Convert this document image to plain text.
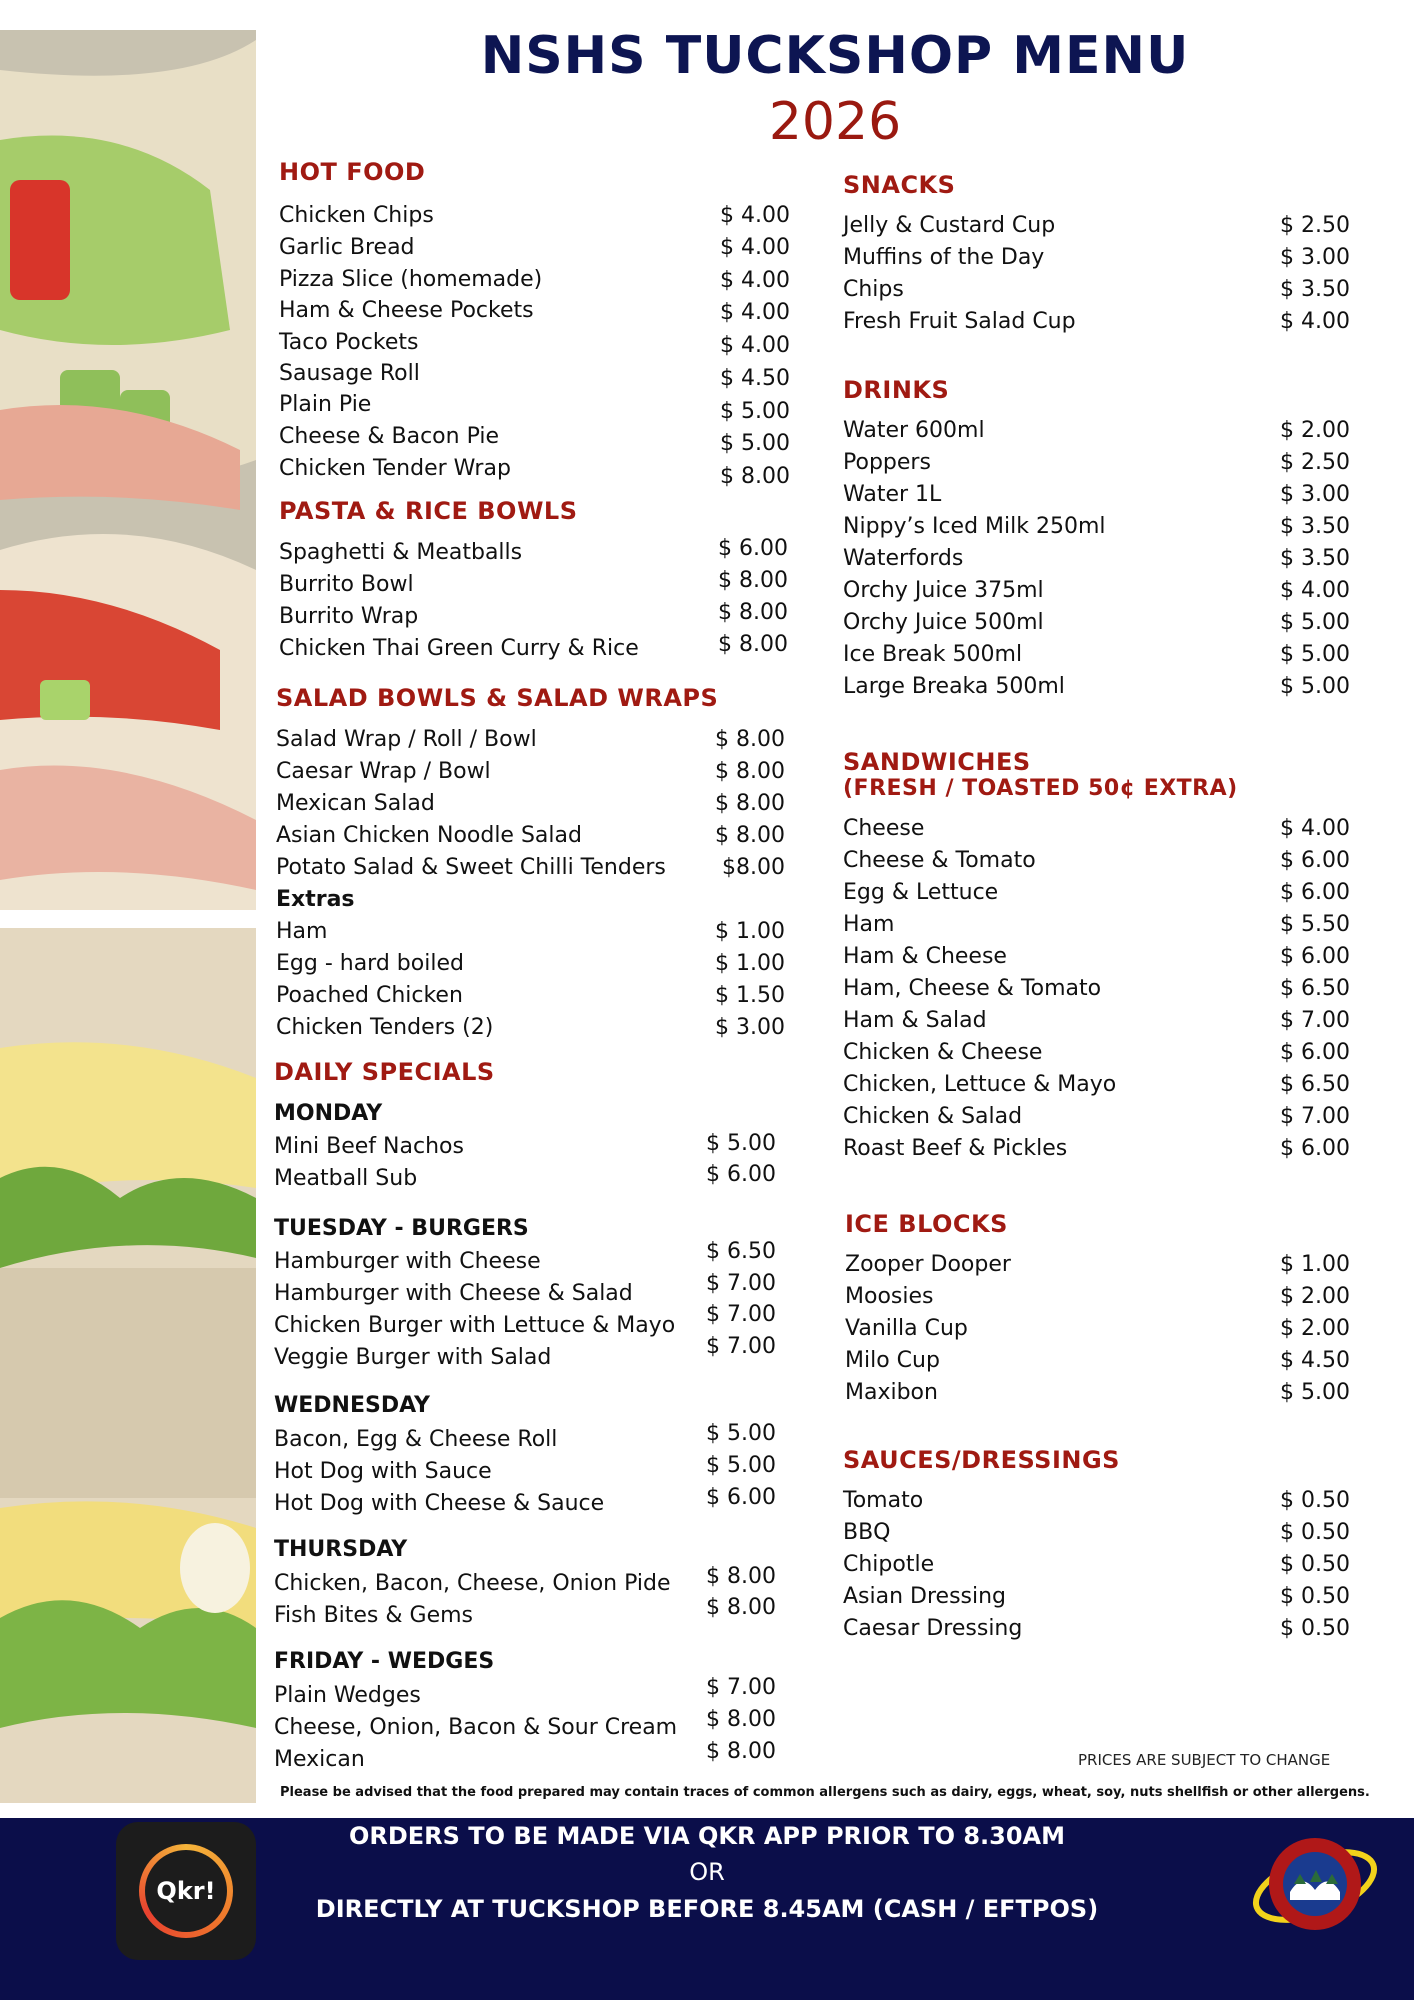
NSHS TUCKSHOP MENU
2026
HOT FOOD
Chicken Chips	$ 4.00
Garlic Bread	$ 4.00
Pizza Slice (homemade)	$ 4.00
Ham & Cheese Pockets	$ 4.00
Taco Pockets	$ 4.00
Sausage Roll	$ 4.50
Plain Pie	$ 5.00
Cheese & Bacon Pie	$ 5.00
Chicken Tender Wrap	$ 8.00
PASTA & RICE BOWLS
Spaghetti & Meatballs	$ 6.00
Burrito Bowl	$ 8.00
Burrito Wrap	$ 8.00
Chicken Thai Green Curry & Rice	$ 8.00
SALAD BOWLS & SALAD WRAPS
Salad Wrap / Roll / Bowl	$ 8.00
Caesar Wrap / Bowl	$ 8.00
Mexican Salad	$ 8.00
Asian Chicken Noodle Salad	$ 8.00
Potato Salad & Sweet Chilli Tenders	$8.00
Extras
Ham	$ 1.00
Egg - hard boiled	$ 1.00
Poached Chicken	$ 1.50
Chicken Tenders (2)	$ 3.00
DAILY SPECIALS
MONDAY
Mini Beef Nachos	$ 5.00
Meatball Sub	$ 6.00
TUESDAY - BURGERS
Hamburger with Cheese	$ 6.50
Hamburger with Cheese & Salad	$ 7.00
Chicken Burger with Lettuce & Mayo	$ 7.00
Veggie Burger with Salad	$ 7.00
WEDNESDAY
Bacon, Egg & Cheese Roll	$ 5.00
Hot Dog with Sauce	$ 5.00
Hot Dog with Cheese & Sauce	$ 6.00
THURSDAY
Chicken, Bacon, Cheese, Onion Pide	$ 8.00
Fish Bites & Gems	$ 8.00
FRIDAY - WEDGES
Plain Wedges	$ 7.00
Cheese, Onion, Bacon & Sour Cream	$ 8.00
Mexican	$ 8.00
SNACKS
Jelly & Custard Cup	$ 2.50
Muffins of the Day	$ 3.00
Chips	$ 3.50
Fresh Fruit Salad Cup	$ 4.00
DRINKS
Water 600ml	$ 2.00
Poppers	$ 2.50
Water 1L	$ 3.00
Nippy’s Iced Milk 250ml	$ 3.50
Waterfords	$ 3.50
Orchy Juice 375ml	$ 4.00
Orchy Juice 500ml	$ 5.00
Ice Break 500ml	$ 5.00
Large Breaka 500ml	$ 5.00
SANDWICHES
(FRESH / TOASTED 50¢ EXTRA)
Cheese	$ 4.00
Cheese & Tomato	$ 6.00
Egg & Lettuce	$ 6.00
Ham	$ 5.50
Ham & Cheese	$ 6.00
Ham, Cheese & Tomato	$ 6.50
Ham & Salad	$ 7.00
Chicken & Cheese	$ 6.00
Chicken, Lettuce & Mayo	$ 6.50
Chicken & Salad	$ 7.00
Roast Beef & Pickles	$ 6.00
ICE BLOCKS
Zooper Dooper	$ 1.00
Moosies	$ 2.00
Vanilla Cup	$ 2.00
Milo Cup	$ 4.50
Maxibon	$ 5.00
SAUCES/DRESSINGS
Tomato	$ 0.50
BBQ	$ 0.50
Chipotle	$ 0.50
Asian Dressing	$ 0.50
Caesar Dressing	$ 0.50
PRICES ARE SUBJECT TO CHANGE
Please be advised that the food prepared may contain traces of common allergens such as dairy, eggs, wheat, soy, nuts shellfish or other allergens.
ORDERS TO BE MADE VIA QKR APP PRIOR TO 8.30AM
OR
DIRECTLY AT TUCKSHOP BEFORE 8.45AM (CASH / EFTPOS)
Qkr!
